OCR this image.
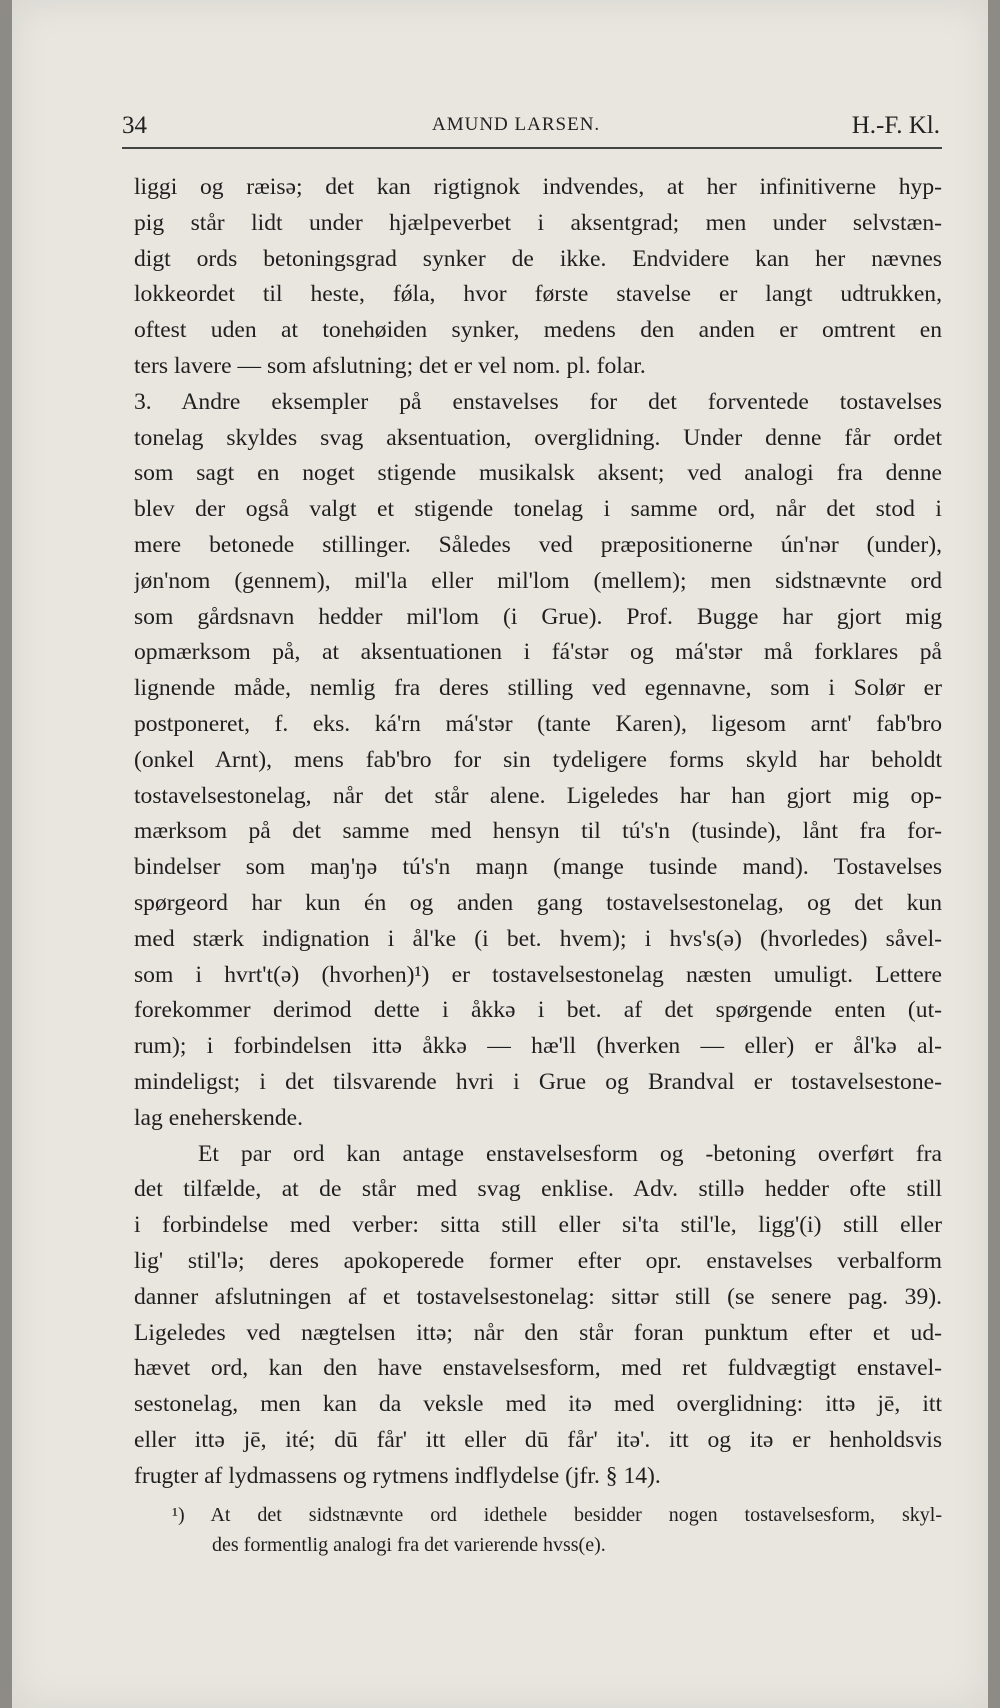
34	AMUND LARSEN.	H.-F. Kl.
liggi og ræisə; det kan rigtignok indvendes, at her infinitiverne hyp-
pig står lidt under hjælpeverbet i aksentgrad; men under selvstæn-
digt ords betoningsgrad synker de ikke. Endvidere kan her nævnes
lokkeordet til heste, fǿla, hvor første stavelse er langt udtrukken,
oftest uden at tonehøiden synker, medens den anden er omtrent en
ters lavere — som afslutning; det er vel nom. pl. folar.
3. Andre eksempler på enstavelses for det forventede tostavelses
tonelag skyldes svag aksentuation, overglidning. Under denne får ordet
som sagt en noget stigende musikalsk aksent; ved analogi fra denne
blev der også valgt et stigende tonelag i samme ord, når det stod i
mere betonede stillinger. Således ved præpositionerne ún'nər (under),
jøn'nom (gennem), mil'la eller mil'lom (mellem); men sidstnævnte ord
som gårdsnavn hedder mil'lom (i Grue). Prof. Bugge har gjort mig
opmærksom på, at aksentuationen i fá'stər og má'stər må forklares på
lignende måde, nemlig fra deres stilling ved egennavne, som i Solør er
postponeret, f. eks. ká'rn má'stər (tante Karen), ligesom arnt' fab'bro
(onkel Arnt), mens fab'bro for sin tydeligere forms skyld har beholdt
tostavelsestonelag, når det står alene. Ligeledes har han gjort mig op-
mærksom på det samme med hensyn til tú's'n (tusinde), lånt fra for-
bindelser som maŋ'ŋə tú's'n maŋn (mange tusinde mand). Tostavelses
spørgeord har kun én og anden gang tostavelsestonelag, og det kun
med stærk indignation i ål'ke (i bet. hvem); i hvs's(ə) (hvorledes) såvel-
som i hvrt't(ə) (hvorhen)¹) er tostavelsestonelag næsten umuligt. Lettere
forekommer derimod dette i åkkə i bet. af det spørgende enten (ut-
rum); i forbindelsen ittə åkkə — hæ'll (hverken — eller) er ål'kə al-
mindeligst; i det tilsvarende hvri i Grue og Brandval er tostavelsestone-
lag eneherskende.
Et par ord kan antage enstavelsesform og -betoning overført fra
det tilfælde, at de står med svag enklise. Adv. stillə hedder ofte still
i forbindelse med verber: sitta still eller si'ta stil'le, ligg'(i) still eller
lig' stil'lə; deres apokoperede former efter opr. enstavelses verbalform
danner afslutningen af et tostavelsestonelag: sittər still (se senere pag. 39).
Ligeledes ved nægtelsen ittə; når den står foran punktum efter et ud-
hævet ord, kan den have enstavelsesform, med ret fuldvægtigt enstavel-
sestonelag, men kan da veksle med itə med overglidning: ittə jē, itt
eller ittə jē, ité; dū får' itt eller dū får' itə'. itt og itə er henholdsvis
frugter af lydmassens og rytmens indflydelse (jfr. § 14).
¹) At det sidstnævnte ord idethele besidder nogen tostavelsesform, skyl-
des formentlig analogi fra det varierende hvss(e).
